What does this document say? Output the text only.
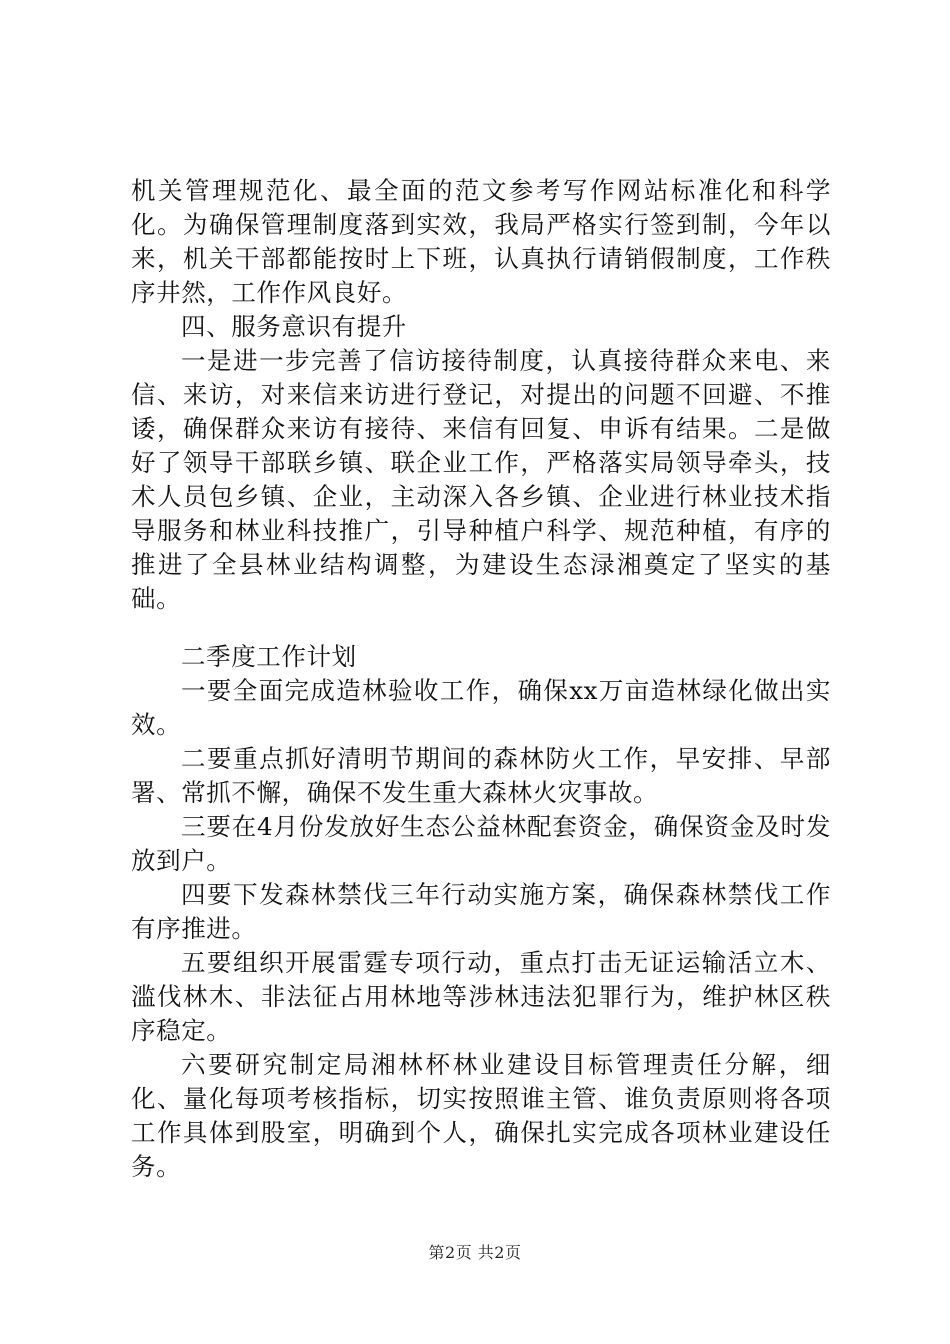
机关管理规范化、最全面的范文参考写作网站标准化和科学化。为确保管理制度落到实效，我局严格实行签到制，今年以来，机关干部都能按时上下班，认真执行请销假制度，工作秩序井然，工作作风良好。

四、服务意识有提升

一是进一步完善了信访接待制度，认真接待群众来电、来信、来访，对来信来访进行登记，对提出的问题不回避、不推诿，确保群众来访有接待、来信有回复、申诉有结果。二是做好了领导干部联乡镇、联企业工作，严格落实局领导牵头，技术人员包乡镇、企业，主动深入各乡镇、企业进行林业技术指导服务和林业科技推广，引导种植户科学、规范种植，有序的推进了全县林业结构调整，为建设生态渌湘奠定了坚实的基础。

二季度工作计划

一要全面完成造林验收工作，确保xx万亩造林绿化做出实效。

二要重点抓好清明节期间的森林防火工作，早安排、早部署、常抓不懈，确保不发生重大森林火灾事故。

三要在4月份发放好生态公益林配套资金，确保资金及时发放到户。

四要下发森林禁伐三年行动实施方案，确保森林禁伐工作有序推进。

五要组织开展雷霆专项行动，重点打击无证运输活立木、滥伐林木、非法征占用林地等涉林违法犯罪行为，维护林区秩序稳定。

六要研究制定局湘林杯林业建设目标管理责任分解，细化、量化每项考核指标，切实按照谁主管、谁负责原则将各项工作具体到股室，明确到个人，确保扎实完成各项林业建设任务。

第2页 共2页
